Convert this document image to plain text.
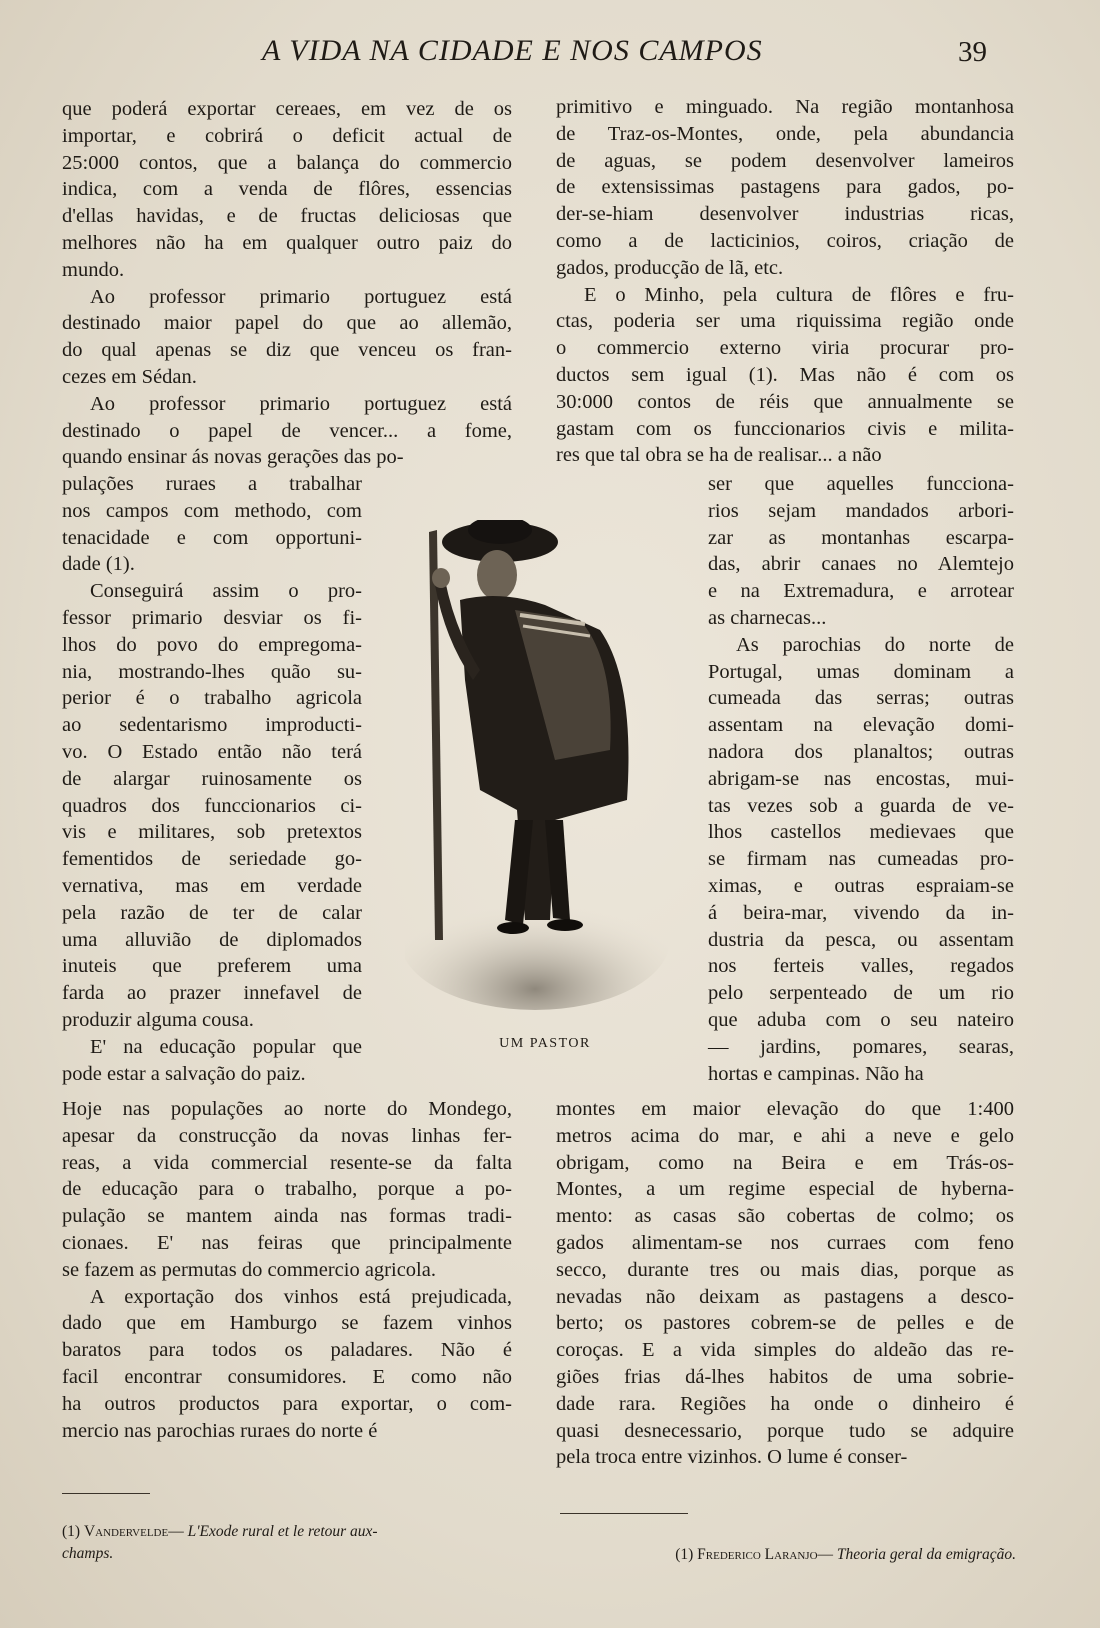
A VIDA NA CIDADE E NOS CAMPOS	39
que poderá exportar cereaes, em vez de os
importar, e cobrirá o deficit actual de
25:000 contos, que a balança do commercio
indica, com a venda de flôres, essencias
d'ellas havidas, e de fructas deliciosas que
melhores não ha em qualquer outro paiz do
mundo.
Ao professor primario portuguez está
destinado maior papel do que ao allemão,
do qual apenas se diz que venceu os fran-
cezes em Sédan.
Ao professor primario portuguez está
destinado o papel de vencer... a fome,
quando ensinar ás novas gerações das po-
pulações ruraes a trabalhar
nos campos com methodo, com
tenacidade e com opportuni-
dade (1).
Conseguirá assim o pro-
fessor primario desviar os fi-
lhos do povo do empregoma-
nia, mostrando-lhes quão su-
perior é o trabalho agricola
ao sedentarismo improducti-
vo. O Estado então não terá
de alargar ruinosamente os
quadros dos funccionarios ci-
vis e militares, sob pretextos
fementidos de seriedade go-
vernativa, mas em verdade
pela razão de ter de calar
uma alluvião de diplomados
inuteis que preferem uma
farda ao prazer innefavel de
produzir alguma cousa.
E' na educação popular que
pode estar a salvação do paiz.
Hoje nas populações ao norte do Mondego,
apesar da construcção da novas linhas fer-
reas, a vida commercial resente-se da falta
de educação para o trabalho, porque a po-
pulação se mantem ainda nas formas tradi-
cionaes. E' nas feiras que principalmente
se fazem as permutas do commercio agricola.
A exportação dos vinhos está prejudicada,
dado que em Hamburgo se fazem vinhos
baratos para todos os paladares. Não é
facil encontrar consumidores. E como não
ha outros productos para exportar, o com-
mercio nas parochias ruraes do norte é
primitivo e minguado. Na região montanhosa
de Traz-os-Montes, onde, pela abundancia
de aguas, se podem desenvolver lameiros
de extensissimas pastagens para gados, po-
der-se-hiam desenvolver industrias ricas,
como a de lacticinios, coiros, criação de
gados, producção de lã, etc.
E o Minho, pela cultura de flôres e fru-
ctas, poderia ser uma riquissima região onde
o commercio externo viria procurar pro-
ductos sem igual (1). Mas não é com os
30:000 contos de réis que annualmente se
gastam com os funccionarios civis e milita-
res que tal obra se ha de realisar... a não
ser que aquelles funcciona-
rios sejam mandados arbori-
zar as montanhas escarpa-
das, abrir canaes no Alemtejo
e na Extremadura, e arrotear
as charnecas...
As parochias do norte de
Portugal, umas dominam a
cumeada das serras; outras
assentam na elevação domi-
nadora dos planaltos; outras
abrigam-se nas encostas, mui-
tas vezes sob a guarda de ve-
lhos castellos medievaes que
se firmam nas cumeadas pro-
ximas, e outras espraiam-se
á beira-mar, vivendo da in-
dustria da pesca, ou assentam
nos ferteis valles, regados
pelo serpenteado de um rio
que aduba com o seu nateiro
— jardins, pomares, searas,
hortas e campinas. Não ha
montes em maior elevação do que 1:400
metros acima do mar, e ahi a neve e gelo
obrigam, como na Beira e em Trás-os-
Montes, a um regime especial de hyberna-
mento: as casas são cobertas de colmo; os
gados alimentam-se nos curraes com feno
secco, durante tres ou mais dias, porque as
nevadas não deixam as pastagens a desco-
berto; os pastores cobrem-se de pelles e de
coroças. E a vida simples do aldeão das re-
giões frias dá-lhes habitos de uma sobrie-
dade rara. Regiões ha onde o dinheiro é
quasi desnecessario, porque tudo se adquire
pela troca entre vizinhos. O lume é conser-
UM PASTOR
(1) Vandervelde— L'Exode rural et le retour aux-
champs.	(1) Frederico Laranjo— Theoria geral da emigração.
